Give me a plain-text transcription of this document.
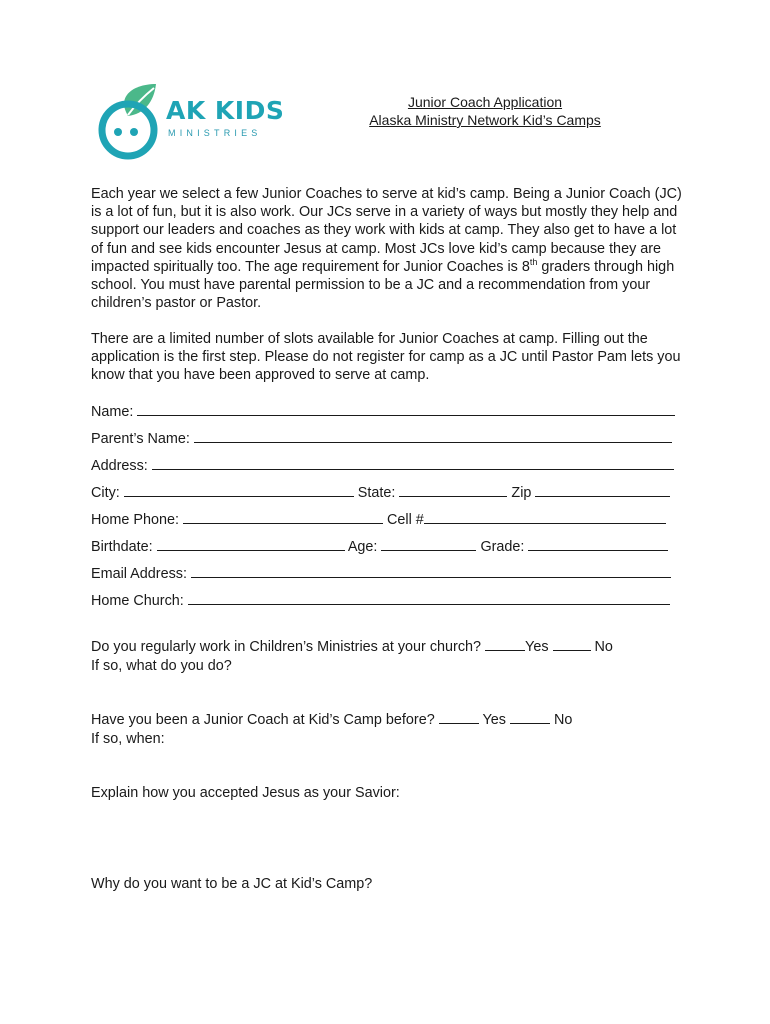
AK KIDS
MINISTRIES
Junior Coach Application
Alaska Ministry Network Kid’s Camps

Each year we select a few Junior Coaches to serve at kid’s camp. Being a Junior Coach (JC) is a lot of fun, but it is also work. Our JCs serve in a variety of ways but mostly they help and support our leaders and coaches as they work with kids at camp. They also get to have a lot of fun and see kids encounter Jesus at camp. Most JCs love kid’s camp because they are impacted spiritually too. The age requirement for Junior Coaches is 8th graders through high school. You must have parental permission to be a JC and a recommendation from your children’s pastor or Pastor.

There are a limited number of slots available for Junior Coaches at camp. Filling out the application is the first step. Please do not register for camp as a JC until Pastor Pam lets you know that you have been approved to serve at camp.

Name:
Parent’s Name:
Address:
City:	State:	Zip
Home Phone:	Cell #
Birthdate:	Age:	Grade:
Email Address:
Home Church:
Do you regularly work in Children’s Ministries at your church?	Yes	No
If so, what do you do?
Have you been a Junior Coach at Kid’s Camp before?	Yes	No
If so, when:
Explain how you accepted Jesus as your Savior:
Why do you want to be a JC at Kid’s Camp?
